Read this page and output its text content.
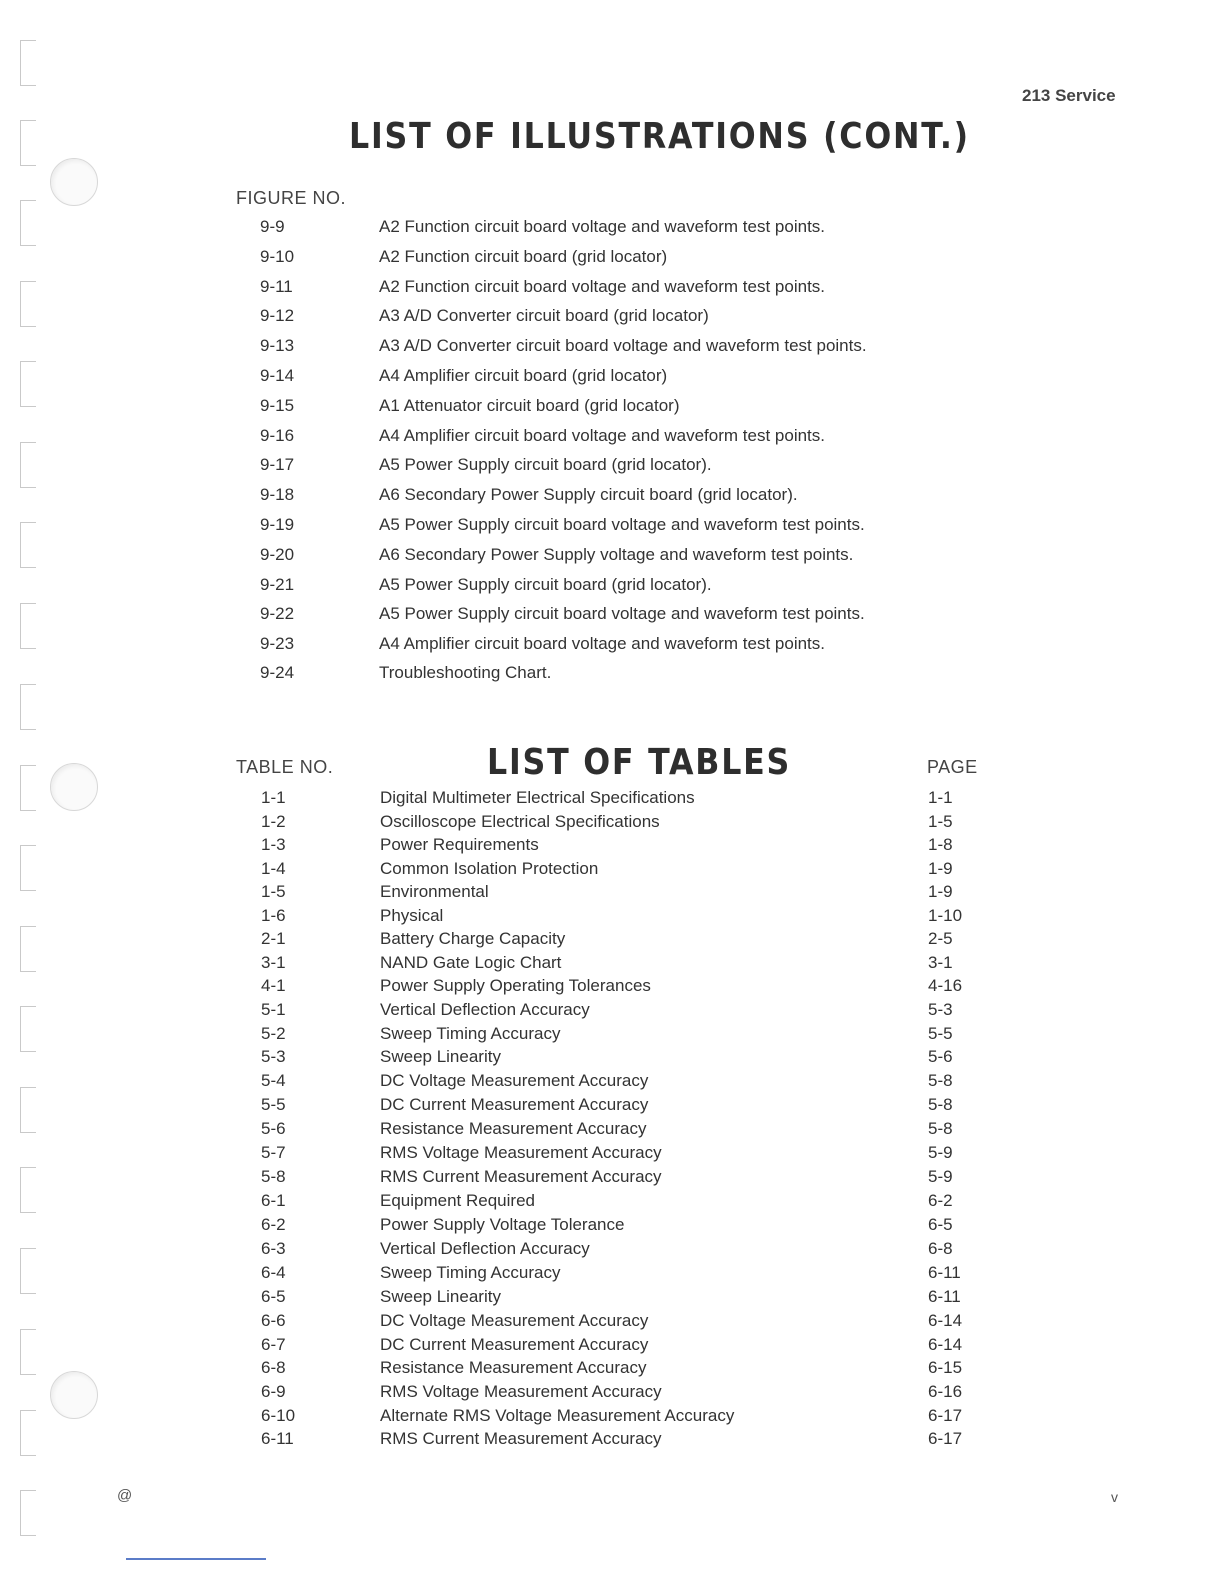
213 Service
LIST OF ILLUSTRATIONS (CONT.)
FIGURE NO.
9-9	A2 Function circuit board voltage and waveform test points.
9-10	A2 Function circuit board (grid locator)
9-11	A2 Function circuit board voltage and waveform test points.
9-12	A3 A/D Converter circuit board (grid locator)
9-13	A3 A/D Converter circuit board voltage and waveform test points.
9-14	A4 Amplifier circuit board (grid locator)
9-15	A1 Attenuator circuit board (grid locator)
9-16	A4 Amplifier circuit board voltage and waveform test points.
9-17	A5 Power Supply circuit board (grid locator).
9-18	A6 Secondary Power Supply circuit board (grid locator).
9-19	A5 Power Supply circuit board voltage and waveform test points.
9-20	A6 Secondary Power Supply voltage and waveform test points.
9-21	A5 Power Supply circuit board (grid locator).
9-22	A5 Power Supply circuit board voltage and waveform test points.
9-23	A4 Amplifier circuit board voltage and waveform test points.
9-24	Troubleshooting Chart.
TABLE NO.	LIST OF TABLES	PAGE
1-1	Digital Multimeter Electrical Specifications	1-1
1-2	Oscilloscope Electrical Specifications	1-5
1-3	Power Requirements	1-8
1-4	Common Isolation Protection	1-9
1-5	Environmental	1-9
1-6	Physical	1-10
2-1	Battery Charge Capacity	2-5
3-1	NAND Gate Logic Chart	3-1
4-1	Power Supply Operating Tolerances	4-16
5-1	Vertical Deflection Accuracy	5-3
5-2	Sweep Timing Accuracy	5-5
5-3	Sweep Linearity	5-6
5-4	DC Voltage Measurement Accuracy	5-8
5-5	DC Current Measurement Accuracy	5-8
5-6	Resistance Measurement Accuracy	5-8
5-7	RMS Voltage Measurement Accuracy	5-9
5-8	RMS Current Measurement Accuracy	5-9
6-1	Equipment Required	6-2
6-2	Power Supply Voltage Tolerance	6-5
6-3	Vertical Deflection Accuracy	6-8
6-4	Sweep Timing Accuracy	6-11
6-5	Sweep Linearity	6-11
6-6	DC Voltage Measurement Accuracy	6-14
6-7	DC Current Measurement Accuracy	6-14
6-8	Resistance Measurement Accuracy	6-15
6-9	RMS Voltage Measurement Accuracy	6-16
6-10	Alternate RMS Voltage Measurement Accuracy	6-17
6-11	RMS Current Measurement Accuracy	6-17
@	v
